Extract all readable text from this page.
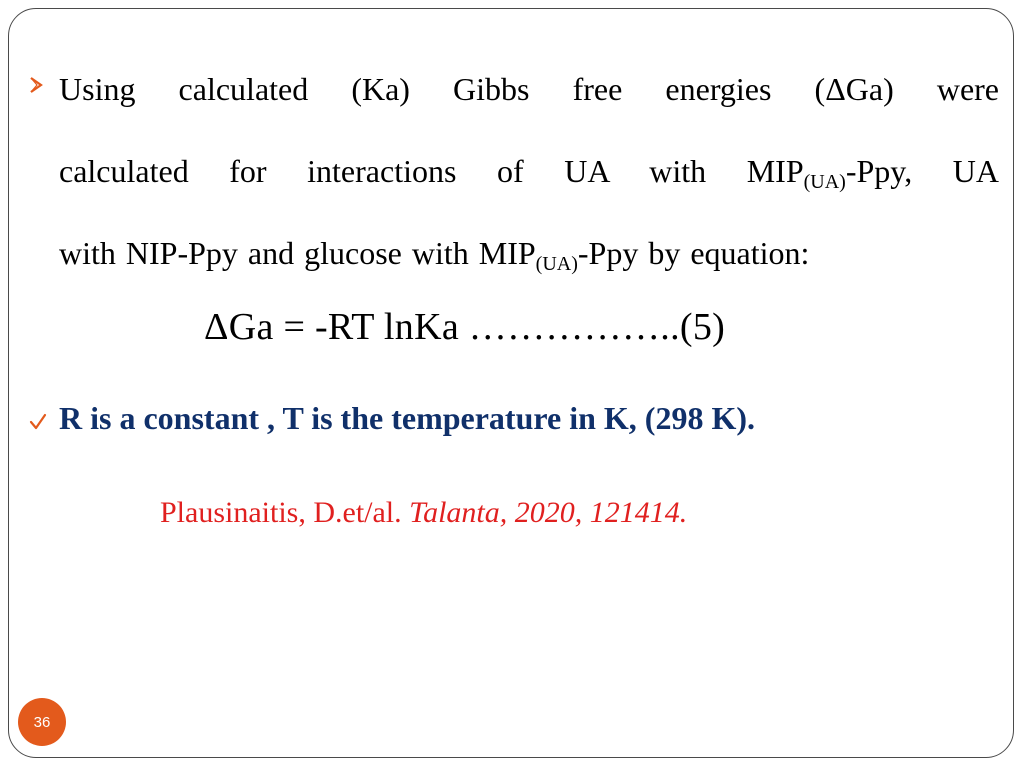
Using calculated (Ka) Gibbs free energies (ΔGa) were
calculated for interactions of UA with $MIP_{(UA)}$-Ppy, UA
with NIP-Ppy and glucose with $MIP_{(UA)}$-Ppy by equation:
ΔGa = -RT lnKa ……………..(5)
R is a constant , T is the temperature in K, (298 K).
Plausinaitis, D.et/al. Talanta, 2020, 121414.
36
